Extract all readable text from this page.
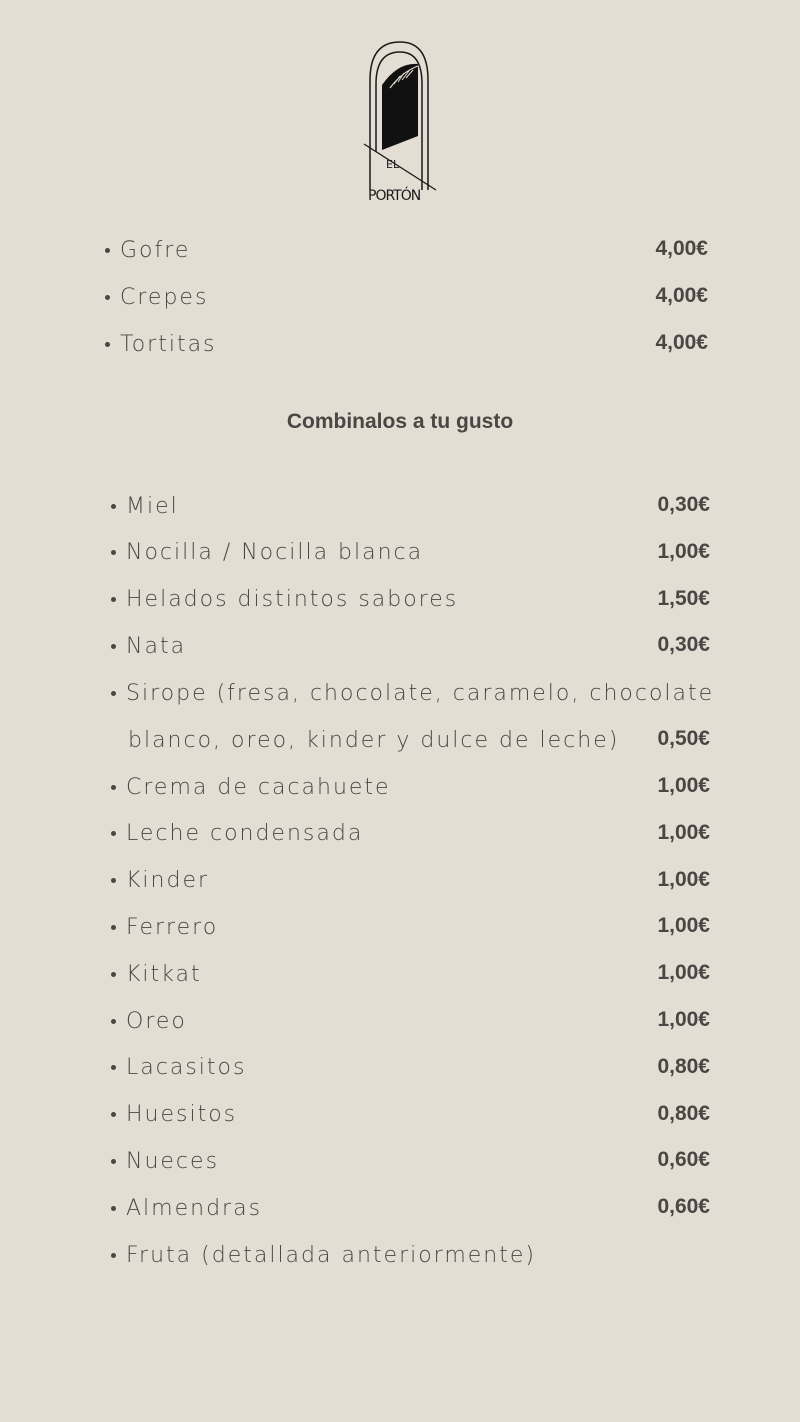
EL
PORTÓN
Gofre	4,00€
Crepes	4,00€
Tortitas	4,00€
Combinalos a tu gusto
Miel	0,30€
Nocilla / Nocilla blanca	1,00€
Helados distintos sabores	1,50€
Nata	0,30€
Sirope (fresa, chocolate, caramelo, chocolate
blanco, oreo, kinder y dulce de leche) 0,50€
Crema de cacahuete	1,00€
Leche condensada	1,00€
Kinder	1,00€
Ferrero	1,00€
Kitkat	1,00€
Oreo	1,00€
Lacasitos	0,80€
Huesitos	0,80€
Nueces	0,60€
Almendras	0,60€
Fruta (detallada anteriormente)
